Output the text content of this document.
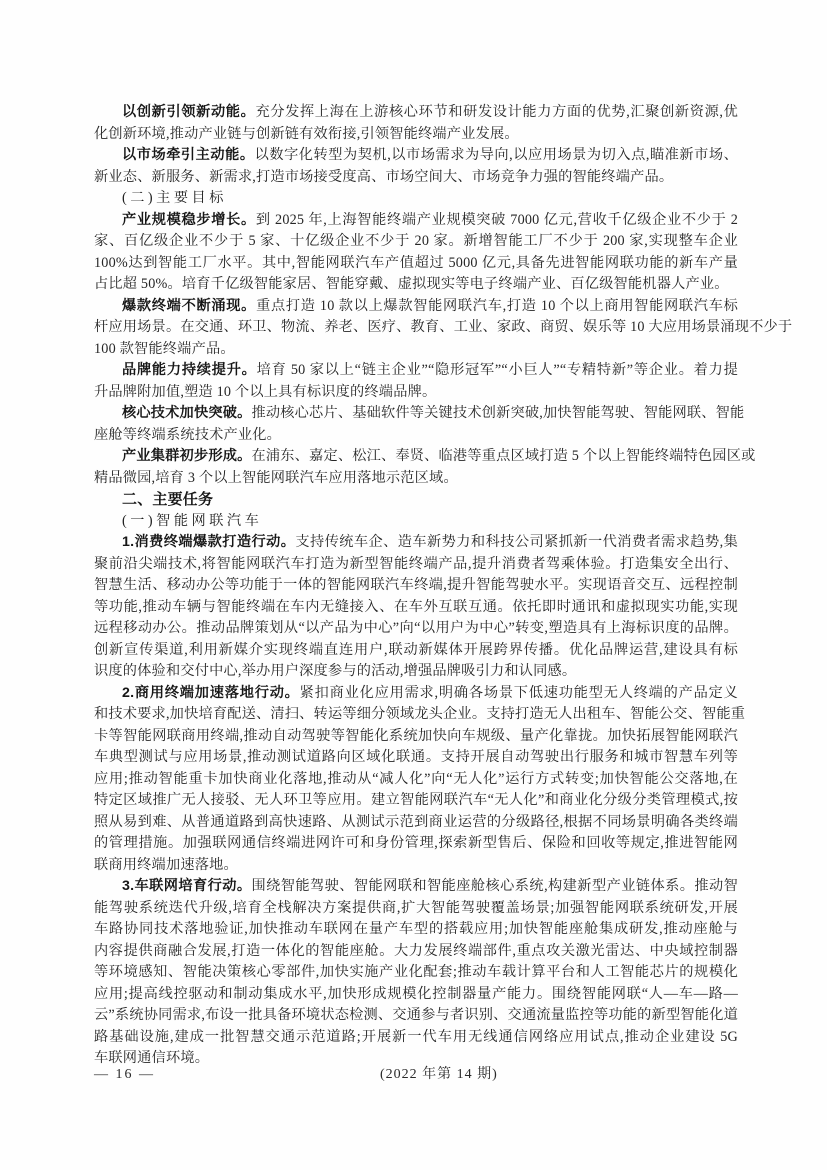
以创新引领新动能。充分发挥上海在上游核心环节和研发设计能力方面的优势,汇聚创新资源,优
化创新环境,推动产业链与创新链有效衔接,引领智能终端产业发展。
以市场牵引主动能。以数字化转型为契机,以市场需求为导向,以应用场景为切入点,瞄准新市场、
新业态、新服务、新需求,打造市场接受度高、市场空间大、市场竞争力强的智能终端产品。
(二)主要目标
产业规模稳步增长。到 2025 年,上海智能终端产业规模突破 7000 亿元,营收千亿级企业不少于 2
家、百亿级企业不少于 5 家、十亿级企业不少于 20 家。新增智能工厂不少于 200 家,实现整车企业
100%达到智能工厂水平。其中,智能网联汽车产值超过 5000 亿元,具备先进智能网联功能的新车产量
占比超 50%。培育千亿级智能家居、智能穿戴、虚拟现实等电子终端产业、百亿级智能机器人产业。
爆款终端不断涌现。重点打造 10 款以上爆款智能网联汽车,打造 10 个以上商用智能网联汽车标
杆应用场景。在交通、环卫、物流、养老、医疗、教育、工业、家政、商贸、娱乐等 10 大应用场景涌现不少于
100 款智能终端产品。
品牌能力持续提升。培育 50 家以上“链主企业”“隐形冠军”“小巨人”“专精特新”等企业。着力提
升品牌附加值,塑造 10 个以上具有标识度的终端品牌。
核心技术加快突破。推动核心芯片、基础软件等关键技术创新突破,加快智能驾驶、智能网联、智能
座舱等终端系统技术产业化。
产业集群初步形成。在浦东、嘉定、松江、奉贤、临港等重点区域打造 5 个以上智能终端特色园区或
精品微园,培育 3 个以上智能网联汽车应用落地示范区域。
二、主要任务
(一)智能网联汽车
1.消费终端爆款打造行动。支持传统车企、造车新势力和科技公司紧抓新一代消费者需求趋势,集
聚前沿尖端技术,将智能网联汽车打造为新型智能终端产品,提升消费者驾乘体验。打造集安全出行、
智慧生活、移动办公等功能于一体的智能网联汽车终端,提升智能驾驶水平。实现语音交互、远程控制
等功能,推动车辆与智能终端在车内无缝接入、在车外互联互通。依托即时通讯和虚拟现实功能,实现
远程移动办公。推动品牌策划从“以产品为中心”向“以用户为中心”转变,塑造具有上海标识度的品牌。
创新宣传渠道,利用新媒介实现终端直连用户,联动新媒体开展跨界传播。优化品牌运营,建设具有标
识度的体验和交付中心,举办用户深度参与的活动,增强品牌吸引力和认同感。
2.商用终端加速落地行动。紧扣商业化应用需求,明确各场景下低速功能型无人终端的产品定义
和技术要求,加快培育配送、清扫、转运等细分领域龙头企业。支持打造无人出租车、智能公交、智能重
卡等智能网联商用终端,推动自动驾驶等智能化系统加快向车规级、量产化靠拢。加快拓展智能网联汽
车典型测试与应用场景,推动测试道路向区域化联通。支持开展自动驾驶出行服务和城市智慧车列等
应用;推动智能重卡加快商业化落地,推动从“减人化”向“无人化”运行方式转变;加快智能公交落地,在
特定区域推广无人接驳、无人环卫等应用。建立智能网联汽车“无人化”和商业化分级分类管理模式,按
照从易到难、从普通道路到高快速路、从测试示范到商业运营的分级路径,根据不同场景明确各类终端
的管理措施。加强联网通信终端进网许可和身份管理,探索新型售后、保险和回收等规定,推进智能网
联商用终端加速落地。
3.车联网培育行动。围绕智能驾驶、智能网联和智能座舱核心系统,构建新型产业链体系。推动智
能驾驶系统迭代升级,培育全栈解决方案提供商,扩大智能驾驶覆盖场景;加强智能网联系统研发,开展
车路协同技术落地验证,加快推动车联网在量产车型的搭载应用;加快智能座舱集成研发,推动座舱与
内容提供商融合发展,打造一体化的智能座舱。大力发展终端部件,重点攻关激光雷达、中央域控制器
等环境感知、智能决策核心零部件,加快实施产业化配套;推动车载计算平台和人工智能芯片的规模化
应用;提高线控驱动和制动集成水平,加快形成规模化控制器量产能力。围绕智能网联“人—车—路—
云”系统协同需求,布设一批具备环境状态检测、交通参与者识别、交通流量监控等功能的新型智能化道
路基础设施,建成一批智慧交通示范道路;开展新一代车用无线通信网络应用试点,推动企业建设 5G
车联网通信环境。
— 16 —	(2022 年第 14 期)
